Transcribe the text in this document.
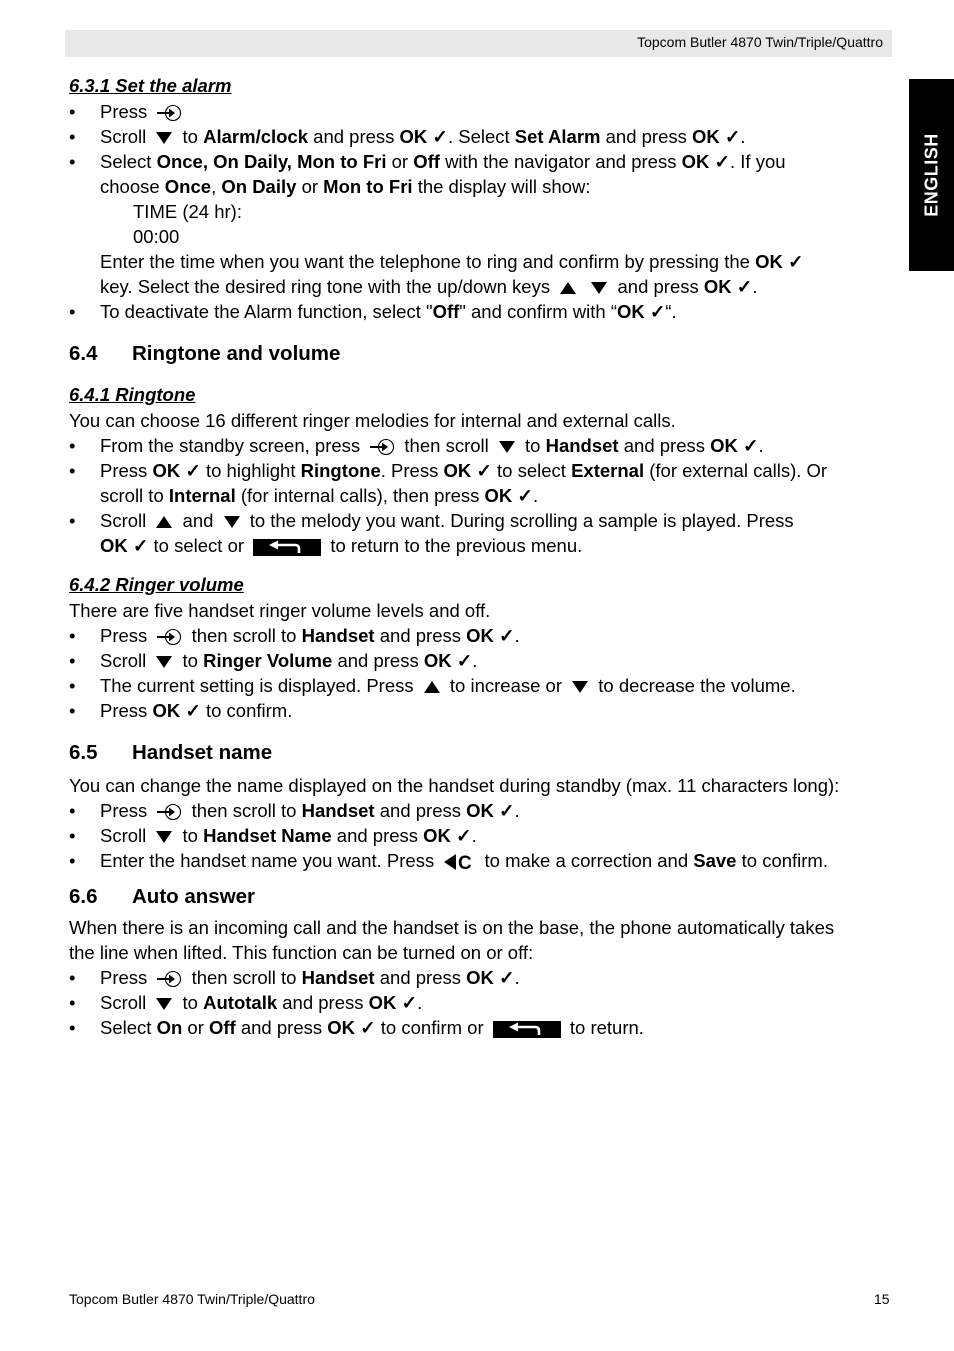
Topcom Butler 4870 Twin/Triple/Quattro
ENGLISH

6.3.1 Set the alarm

• Press
• Scroll to Alarm/clock and press OK ✓. Select Set Alarm and press OK ✓.
• Select Once, On Daily, Mon to Fri or Off with the navigator and press OK ✓. If you
choose Once, On Daily or Mon to Fri the display will show:

TIME (24 hr):

00:00

Enter the time when you want the telephone to ring and confirm by pressing the OK ✓
key. Select the desired ring tone with the up/down keys	and press OK ✓.

• To deactivate the Alarm function, select "Off" and confirm with “OK ✓“.

6.4	Ringtone and volume

6.4.1 Ringtone

You can choose 16 different ringer melodies for internal and external calls.

• From the standby screen, press then scroll to Handset and press OK ✓.
• Press OK ✓ to highlight Ringtone. Press OK ✓ to select External (for external calls). Or
scroll to Internal (for internal calls), then press OK ✓.
• Scroll and to the melody you want. During scrolling a sample is played. Press
OK ✓ to select or	to return to the previous menu.

6.4.2 Ringer volume

There are five handset ringer volume levels and off.

• Press then scroll to Handset and press OK ✓.
• Scroll to Ringer Volume and press OK ✓.
• The current setting is displayed. Press to increase or to decrease the volume.
• Press OK ✓ to confirm.

6.5	Handset name

You can change the name displayed on the handset during standby (max. 11 characters long):

• Press then scroll to Handset and press OK ✓.
• Scroll to Handset Name and press OK ✓.
• Enter the handset name you want. Press	to make a correction and Save to confirm.

6.6	Auto answer

When there is an incoming call and the handset is on the base, the phone automatically takes
the line when lifted. This function can be turned on or off:

• Press then scroll to Handset and press OK ✓.
• Scroll to Autotalk and press OK ✓.
• Select On or Off and press OK ✓ to confirm or	to return.
Topcom Butler 4870 Twin/Triple/Quattro	15
